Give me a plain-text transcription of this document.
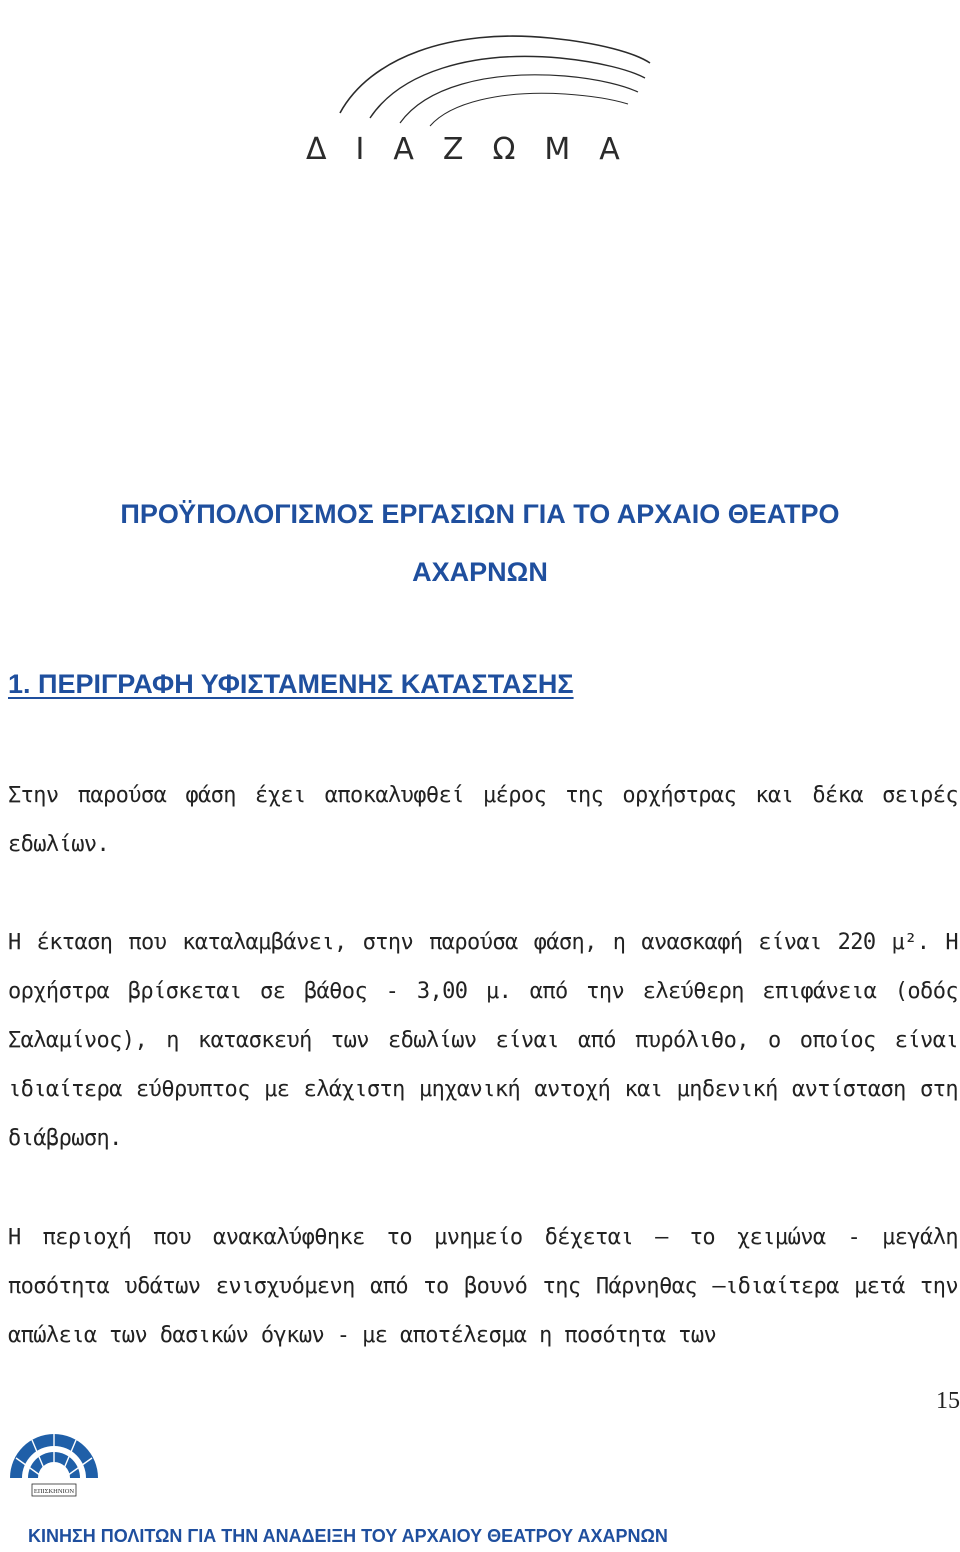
ΔΙΑΖΩΜΑ
ΠΡΟΫΠΟΛΟΓΙΣΜΟΣ ΕΡΓΑΣΙΩΝ ΓΙΑ ΤΟ ΑΡΧΑΙΟ ΘΕΑΤΡΟ
ΑΧΑΡΝΩΝ
1. ΠΕΡΙΓΡΑΦΗ ΥΦΙΣΤΑΜΕΝΗΣ ΚΑΤΑΣΤΑΣΗΣ

Στην παρούσα φάση έχει αποκαλυφθεί μέρος της ορχήστρας και δέκα σειρές εδωλίων.

Η έκταση που καταλαμβάνει, στην παρούσα φάση, η ανασκαφή είναι 220 μ². Η ορχήστρα βρίσκεται σε βάθος - 3,00 μ. από την ελεύθερη επιφάνεια (οδός Σαλαμίνος), η κατασκευή των εδωλίων είναι από πυρόλιθο, ο οποίος είναι ιδιαίτερα εύθρυπτος με ελάχιστη μηχανική αντοχή και μηδενική αντίσταση στη διάβρωση.

Η περιοχή που ανακαλύφθηκε το μνημείο δέχεται – το χειμώνα - μεγάλη ποσότητα υδάτων ενισχυόμενη από το βουνό της Πάρνηθας –ιδιαίτερα μετά την απώλεια των δασικών όγκων - με αποτέλεσμα η ποσότητα των

15
ΕΠΙΣΚΗΝΙΟΝ
ΚΙΝΗΣΗ ΠΟΛΙΤΩΝ ΓΙΑ ΤΗΝ ΑΝΑΔΕΙΞΗ ΤΟΥ ΑΡΧΑΙΟΥ ΘΕΑΤΡΟΥ ΑΧΑΡΝΩΝ
